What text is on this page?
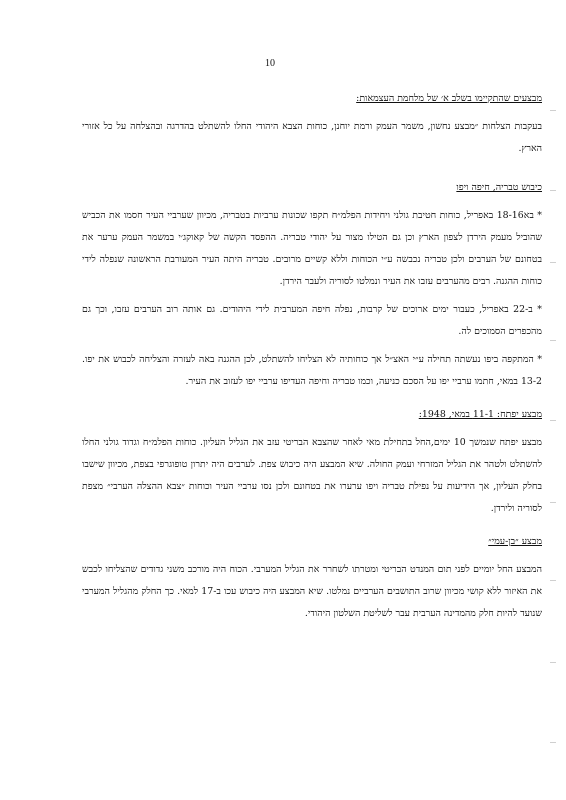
10
מבצעים שהתקיימו בשלב א׳ של מלחמת העצמאות:

בעקבות הצלחות ״מבצע נחשון, משמר העמק ורמת יוחנן, כוחות הצבא היהודי החלו להשתלט בהדרגה ובהצלחה על כל אזורי הארץ.

כיבוש טבריה, חיפה ויפו

* בא18-16 באפריל, כוחות חטיבת גולני ויחידות הפלמ״ח תקפו שכונות ערביות בטבריה, מכיוון שערביי העיר חסמו את הכביש שהוביל מעמק הירדן לצפון הארץ וכן גם הטילו מצור על יהודי טבריה. ההפסד הקשה של קאוקג׳י במשמר העמק ערער את בטחונם של הערבים ולכן טבריה נכבשה ע״י הכוחות וללא קשיים מרובים. טבריה היתה העיר המעורבת הראשונה שנפלה לידי כוחות ההגנה. רבים מהערבים עזבו את העיר ונמלטו לסוריה ולעבר הירדן.

* ב-22 באפריל, כעבור ימים ארוכים של קרבות, נפלה חיפה המערבית לידי היהודים. גם אותה רוב הערבים עזבו, וכך גם מהכפרים הסמוכים לה.

* המתקפה ביפו נעשתה תחילה ע״י האצ״ל אך כוחותיה לא הצליחו להשתלט, לכן ההגנה באה לעזרה והצליחה לכבוש את יפו. 13-2 במאי, חתמו ערביי יפו על הסכם כניעה, וכמו טבריה וחיפה העדיפו ערביי יפו לעזוב את העיר.

מבצע יפתח: 11-1 במאי, 1948:

מבצע יפתח שנמשך 10 ימים,החל בתחילת מאי לאחר שהצבא הבריטי עזב את הגליל העליון. כוחות הפלמ״ח וגדוד גולני החלו להשתלט ולטהר את הגליל המזרחי ועמק החולה. שיא המבצע היה כיבוש צפת. לערבים היה יתרון טופוגרפי בצפת, מכיוון שישבו בחלק העליון, אך הידיעות על נפילת טבריה ויפו ערערו את בטחונם ולכן נסו ערביי העיר וכוחות ״צבא ההצלה הערבי״ מצפת לסוריה ולירדן.

מבצע ״בן-עמי״

המבצע החל יומיים לפני תום המנדט הבריטי ומטרתו לשחרר את הגליל המערבי. הכוח היה מורכב משני גדודים שהצליחו לכבש את האיזור ללא קושי מכיוון שרוב התושבים הערביים נמלטו. שיא המבצע היה כיבוש עכו ב-17 למאי. כך החלק מהגליל המערבי שנועד להיות חלק מהמדינה הערבית עבר לשליטת השלטון היהודי.
